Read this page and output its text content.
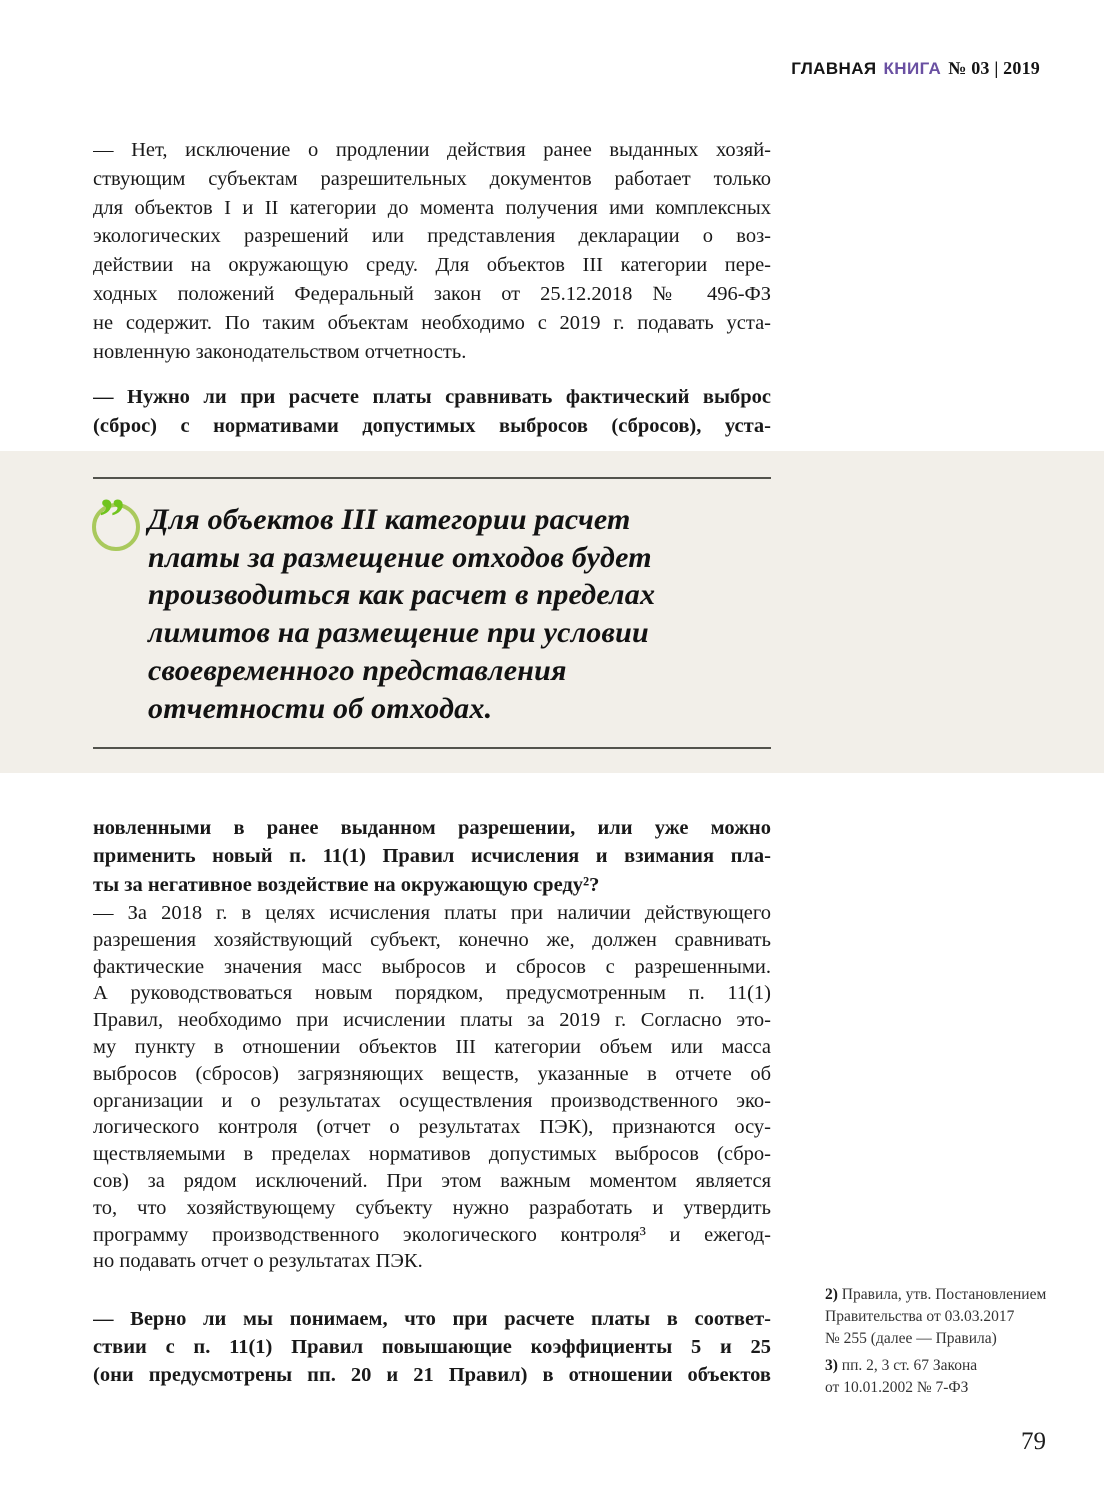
ГЛАВНАЯ КНИГА № 03 | 2019
” Для объектов III категории расчет
платы за размещение отходов будет
производиться как расчет в пределах
лимитов на размещение при условии
своевременного представления
отчетности об отходах.
— Нет, исключение о продлении действия ранее выданных хозяй-
ствующим субъектам разрешительных документов работает только
для объектов I и II категории до момента получения ими комплексных
экологических разрешений или представления декларации о воз-
действии на окружающую среду. Для объектов III категории пере-
ходных положений Федеральный закон от 25.12.2018 № 496-ФЗ
не содержит. По таким объектам необходимо с 2019 г. подавать уста-
новленную законодательством отчетность.
— Нужно ли при расчете платы сравнивать фактический выброс
(сброс) с нормативами допустимых выбросов (сбросов), уста-
новленными в ранее выданном разрешении, или уже можно
применить новый п. 11(1) Правил исчисления и взимания пла-
ты за негативное воздействие на окружающую среду²?
— За 2018 г. в целях исчисления платы при наличии действующего
разрешения хозяйствующий субъект, конечно же, должен сравнивать
фактические значения масс выбросов и сбросов с разрешенными.
А руководствоваться новым порядком, предусмотренным п. 11(1)
Правил, необходимо при исчислении платы за 2019 г. Согласно это-
му пункту в отношении объектов III категории объем или масса
выбросов (сбросов) загрязняющих веществ, указанные в отчете об
организации и о результатах осуществления производственного эко-
логического контроля (отчет о результатах ПЭК), признаются осу-
ществляемыми в пределах нормативов допустимых выбросов (сбро-
сов) за рядом исключений. При этом важным моментом является
то, что хозяйствующему субъекту нужно разработать и утвердить
программу производственного экологического контроля³ и ежегод-
но подавать отчет о результатах ПЭК.
— Верно ли мы понимаем, что при расчете платы в соответ-
ствии с п. 11(1) Правил повышающие коэффициенты 5 и 25
(они предусмотрены пп. 20 и 21 Правил) в отношении объектов
2) Правила, утв. Постановлением
Правительства от 03.03.2017
№ 255 (далее — Правила)
3) пп. 2, 3 ст. 67 Закона
от 10.01.2002 № 7-ФЗ
79
